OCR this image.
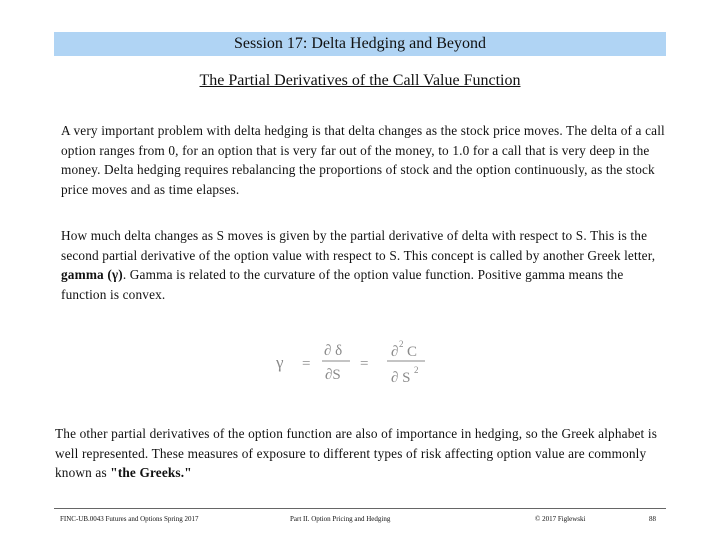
Session 17: Delta Hedging and Beyond
The Partial Derivatives of the Call Value Function

A very important problem with delta hedging is that delta changes as the stock price moves. The delta of a call option ranges from 0, for an option that is very far out of the money, to 1.0 for a call that is very deep in the money. Delta hedging requires rebalancing the proportions of stock and the option continuously, as the stock price moves and as time elapses.

How much delta changes as S moves is given by the partial derivative of delta with respect to S. This is the second partial derivative of the option value with respect to S. This concept is called by another Greek letter, gamma (γ). Gamma is related to the curvature of the option value function. Positive gamma means the function is convex.

γ =
∂ δ
∂S
=
∂ 2 C
∂ S 2

The other partial derivatives of the option function are also of importance in hedging, so the Greek alphabet is well represented. These measures of exposure to different types of risk affecting option value are commonly known as "the Greeks."

FINC-UB.0043 Futures and Options Spring 2017	Part II. Option Pricing and Hedging	© 2017 Figlewski	88
